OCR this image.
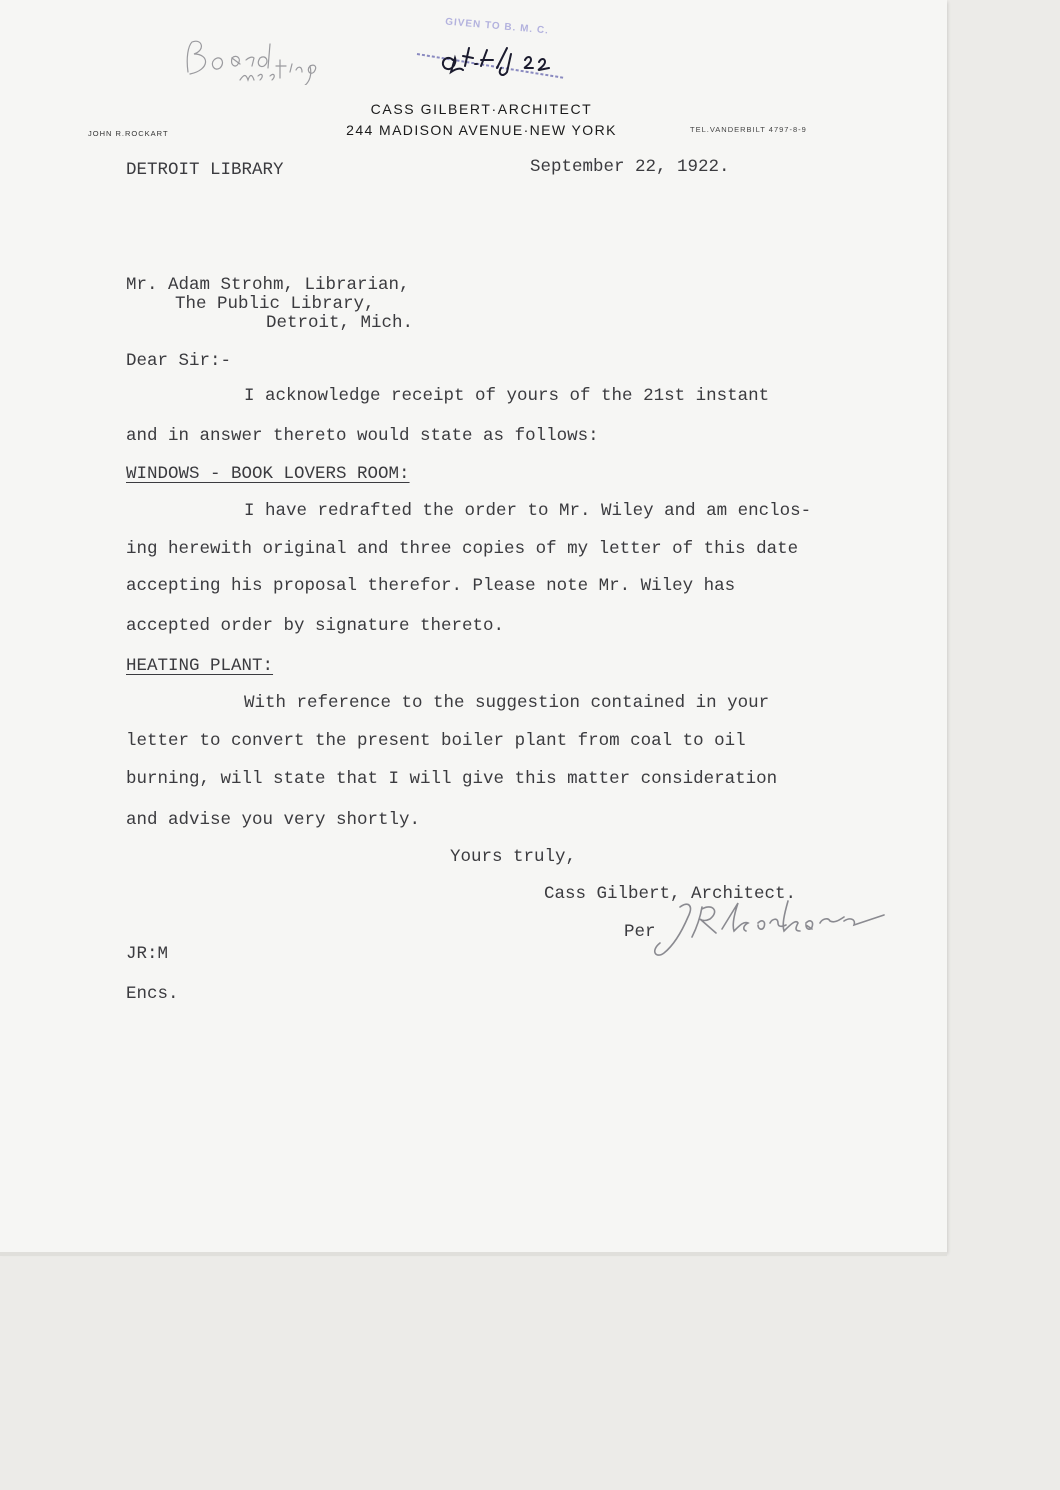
GIVEN TO B. M. C.
CASS GILBERT·ARCHITECT
244 MADISON AVENUE·NEW YORK
JOHN R.ROCKART	TEL.VANDERBILT 4797-8-9
DETROIT LIBRARY	September 22, 1922.
Mr. Adam Strohm, Librarian,
The Public Library,
Detroit, Mich.
Dear Sir:-
I acknowledge receipt of yours of the 21st instant
and in answer thereto would state as follows:
WINDOWS - BOOK LOVERS ROOM:
I have redrafted the order to Mr. Wiley and am enclos-
ing herewith original and three copies of my letter of this date
accepting his proposal therefor. Please note Mr. Wiley has
accepted order by signature thereto.
HEATING PLANT:
With reference to the suggestion contained in your
letter to convert the present boiler plant from coal to oil
burning, will state that I will give this matter consideration
and advise you very shortly.
Yours truly,
Cass Gilbert, Architect.
Per
JR:M
Encs.
